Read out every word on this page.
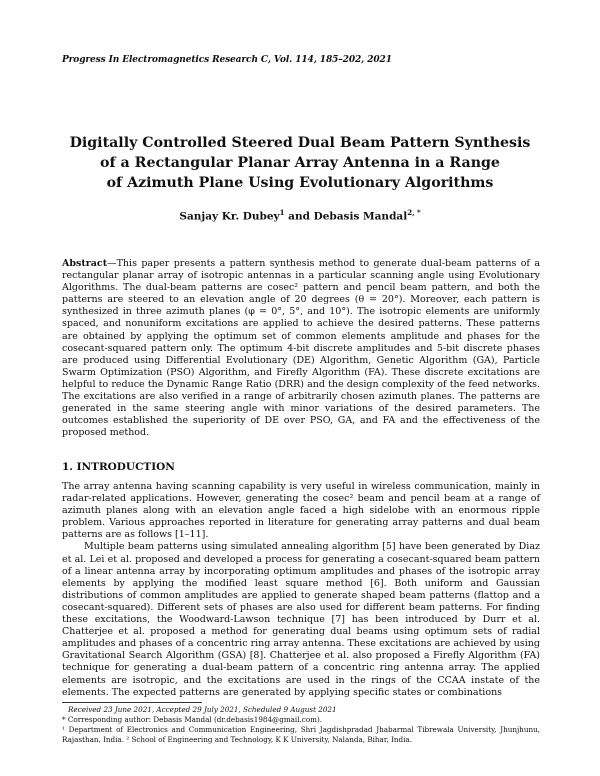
Progress In Electromagnetics Research C, Vol. 114, 185–202, 2021
Digitally Controlled Steered Dual Beam Pattern Synthesis
of a Rectangular Planar Array Antenna in a Range
of Azimuth Plane Using Evolutionary Algorithms
Sanjay Kr. Dubey$^1$ and Debasis Mandal$^{2, *}$
Abstract—This paper presents a pattern synthesis method to generate dual-beam patterns of a rectangular planar array of isotropic antennas in a particular scanning angle using Evolutionary Algorithms. The dual-beam patterns are cosec² pattern and pencil beam pattern, and both the patterns are steered to an elevation angle of 20 degrees (θ = 20°). Moreover, each pattern is synthesized in three azimuth planes (φ = 0°, 5°, and 10°). The isotropic elements are uniformly spaced, and nonuniform excitations are applied to achieve the desired patterns. These patterns are obtained by applying the optimum set of common elements amplitude and phases for the cosecant-squared pattern only. The optimum 4-bit discrete amplitudes and 5-bit discrete phases are produced using Differential Evolutionary (DE) Algorithm, Genetic Algorithm (GA), Particle Swarm Optimization (PSO) Algorithm, and Firefly Algorithm (FA). These discrete excitations are helpful to reduce the Dynamic Range Ratio (DRR) and the design complexity of the feed networks. The excitations are also verified in a range of arbitrarily chosen azimuth planes. The patterns are generated in the same steering angle with minor variations of the desired parameters. The outcomes established the superiority of DE over PSO, GA, and FA and the effectiveness of the proposed method.
1. INTRODUCTION

The array antenna having scanning capability is very useful in wireless communication, mainly in radar-related applications. However, generating the cosec² beam and pencil beam at a range of azimuth planes along with an elevation angle faced a high sidelobe with an enormous ripple problem. Various approaches reported in literature for generating array patterns and dual beam patterns are as follows [1–11].

Multiple beam patterns using simulated annealing algorithm [5] have been generated by Diaz et al. Lei et al. proposed and developed a process for generating a cosecant-squared beam pattern of a linear antenna array by incorporating optimum amplitudes and phases of the isotropic array elements by applying the modified least square method [6]. Both uniform and Gaussian distributions of common amplitudes are applied to generate shaped beam patterns (flattop and a cosecant-squared). Different sets of phases are also used for different beam patterns. For finding these excitations, the Woodward-Lawson technique [7] has been introduced by Durr et al. Chatterjee et al. proposed a method for generating dual beams using optimum sets of radial amplitudes and phases of a concentric ring array antenna. These excitations are achieved by using Gravitational Search Algorithm (GSA) [8]. Chatterjee et al. also proposed a Firefly Algorithm (FA) technique for generating a dual-beam pattern of a concentric ring antenna array. The applied elements are isotropic, and the excitations are used in the rings of the CCAA instate of the elements. The expected patterns are generated by applying specific states or combinations

Received 23 June 2021, Accepted 29 July 2021, Scheduled 9 August 2021

* Corresponding author: Debasis Mandal (dr.debasis1984@gmail.com).

¹ Department of Electronics and Communication Engineering, Shri Jagdishpradad Jhabarmal Tibrewala University, Jhunjhunu, Rajasthan, India. ² School of Engineering and Technology, K K University, Nalanda, Bihar, India.
